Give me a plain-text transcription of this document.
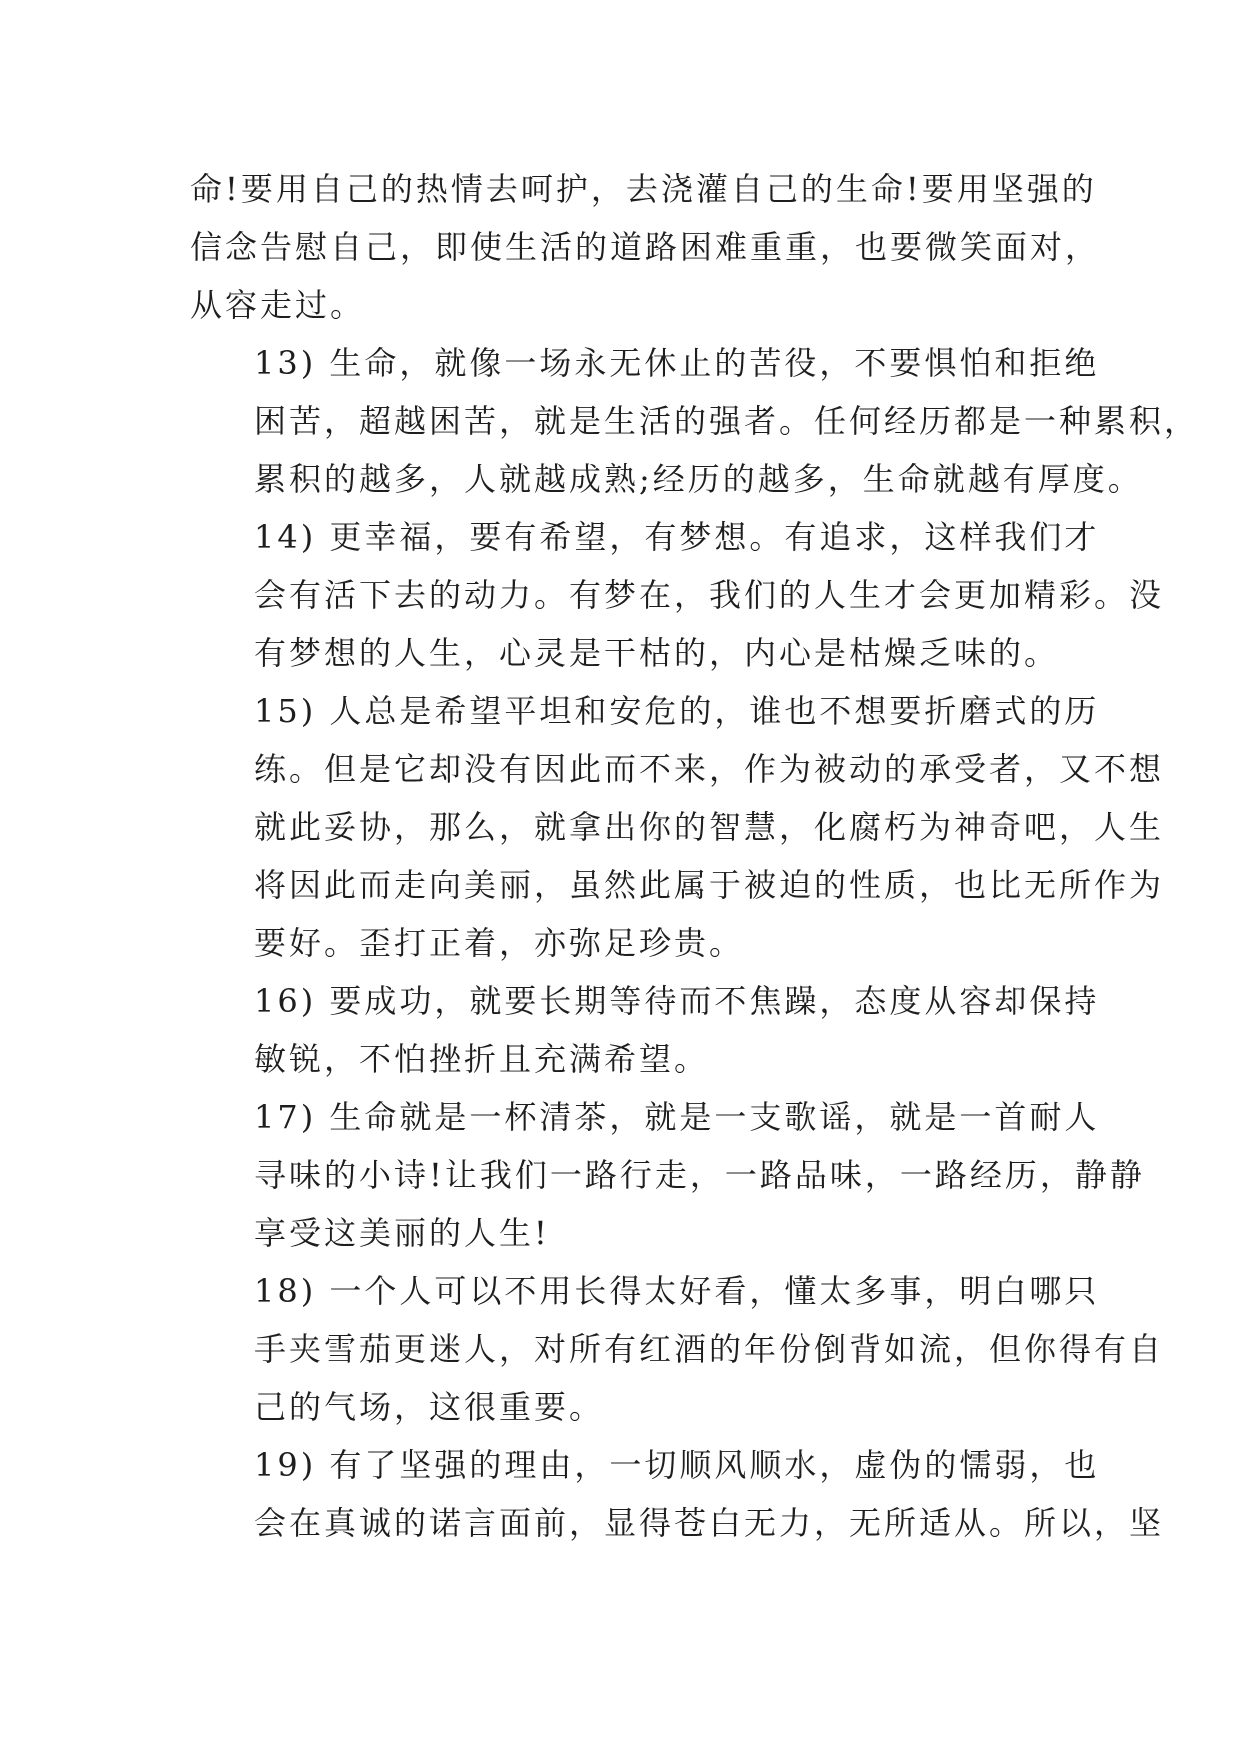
命!要用自己的热情去呵护，去浇灌自己的生命!要用坚强的
信念告慰自己，即使生活的道路困难重重，也要微笑面对，
从容走过。
13) 生命，就像一场永无休止的苦役，不要惧怕和拒绝
困苦，超越困苦，就是生活的强者。任何经历都是一种累积，
累积的越多，人就越成熟;经历的越多，生命就越有厚度。
14) 更幸福，要有希望，有梦想。有追求，这样我们才
会有活下去的动力。有梦在，我们的人生才会更加精彩。没
有梦想的人生，心灵是干枯的，内心是枯燥乏味的。
15) 人总是希望平坦和安危的，谁也不想要折磨式的历
练。但是它却没有因此而不来，作为被动的承受者，又不想
就此妥协，那么，就拿出你的智慧，化腐朽为神奇吧，人生
将因此而走向美丽，虽然此属于被迫的性质，也比无所作为
要好。歪打正着，亦弥足珍贵。
16) 要成功，就要长期等待而不焦躁，态度从容却保持
敏锐，不怕挫折且充满希望。
17) 生命就是一杯清茶，就是一支歌谣，就是一首耐人
寻味的小诗!让我们一路行走，一路品味，一路经历，静静
享受这美丽的人生!
18) 一个人可以不用长得太好看，懂太多事，明白哪只
手夹雪茄更迷人，对所有红酒的年份倒背如流，但你得有自
己的气场，这很重要。
19) 有了坚强的理由，一切顺风顺水，虚伪的懦弱，也
会在真诚的诺言面前，显得苍白无力，无所适从。所以，坚
